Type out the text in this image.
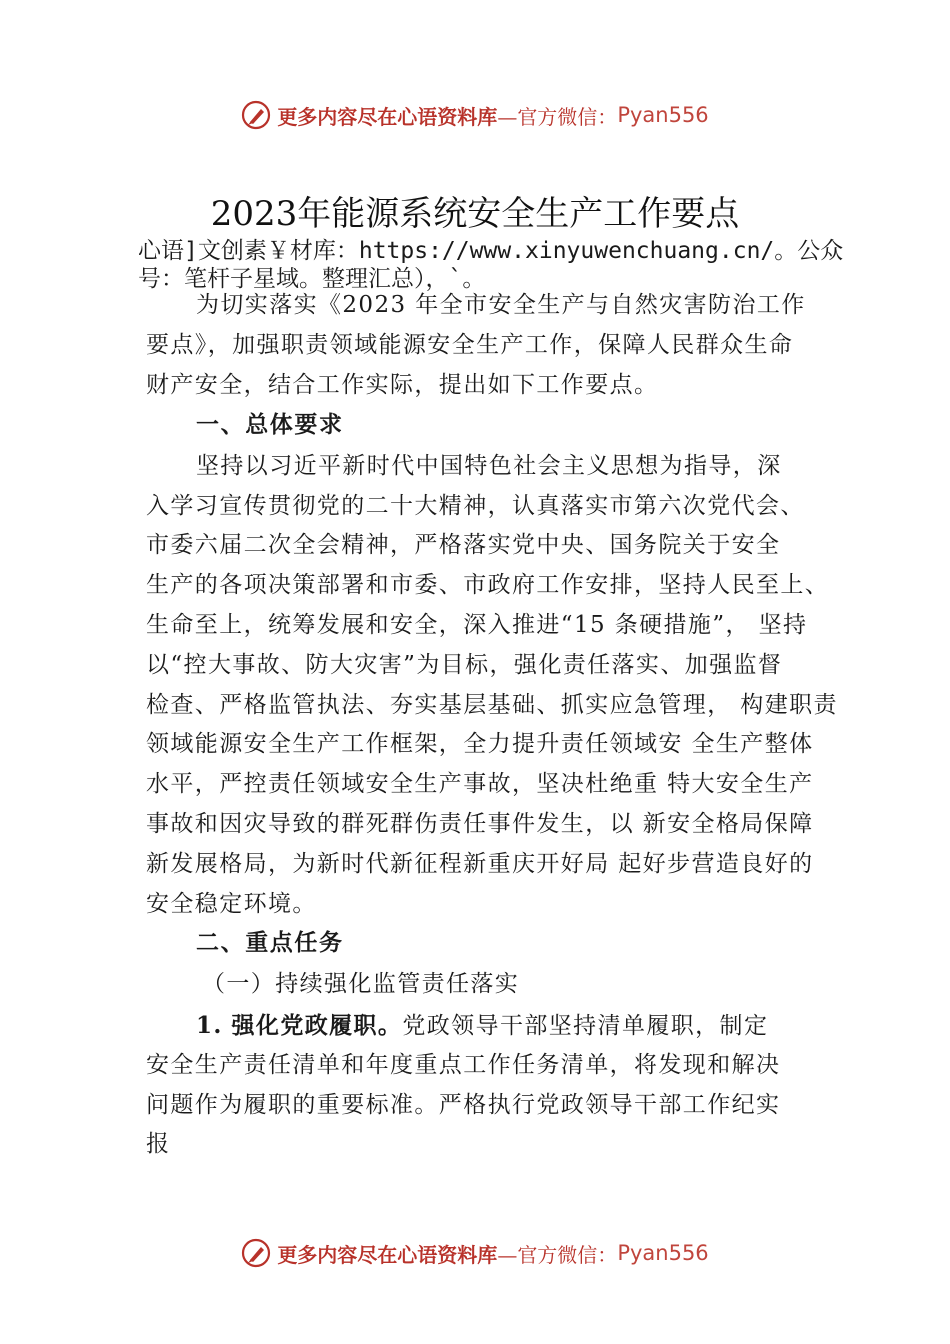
更多内容尽在心语资料库 —官方微信： Pyan556
2023年能源系统安全生产工作要点
心语]文创素￥材库：https://www.xinyuwenchuang.cn/。公众
号：笔杆子星域。整理汇总），`。
为切实落实《2023 年全市安全生产与自然灾害防治工作
要点》，加强职责领域能源安全生产工作，保障人民群众生命
财产安全，结合工作实际，提出如下工作要点。
一、总体要求
坚持以习近平新时代中国特色社会主义思想为指导，深
入学习宣传贯彻党的二十大精神，认真落实市第六次党代会、
市委六届二次全会精神，严格落实党中央、国务院关于安全
生产的各项决策部署和市委、市政府工作安排，坚持人民至上、
生命至上，统筹发展和安全，深入推进“15 条硬措施”， 坚持
以“控大事故、防大灾害”为目标，强化责任落实、加强监督
检查、严格监管执法、夯实基层基础、抓实应急管理， 构建职责
领域能源安全生产工作框架，全力提升责任领域安 全生产整体
水平，严控责任领域安全生产事故，坚决杜绝重 特大安全生产
事故和因灾导致的群死群伤责任事件发生，以 新安全格局保障
新发展格局，为新时代新征程新重庆开好局 起好步营造良好的
安全稳定环境。
二、重点任务
（一）持续强化监管责任落实
1. 强化党政履职。党政领导干部坚持清单履职，制定
安全生产责任清单和年度重点工作任务清单，将发现和解决
问题作为履职的重要标准。严格执行党政领导干部工作纪实
报
更多内容尽在心语资料库 —官方微信： Pyan556
